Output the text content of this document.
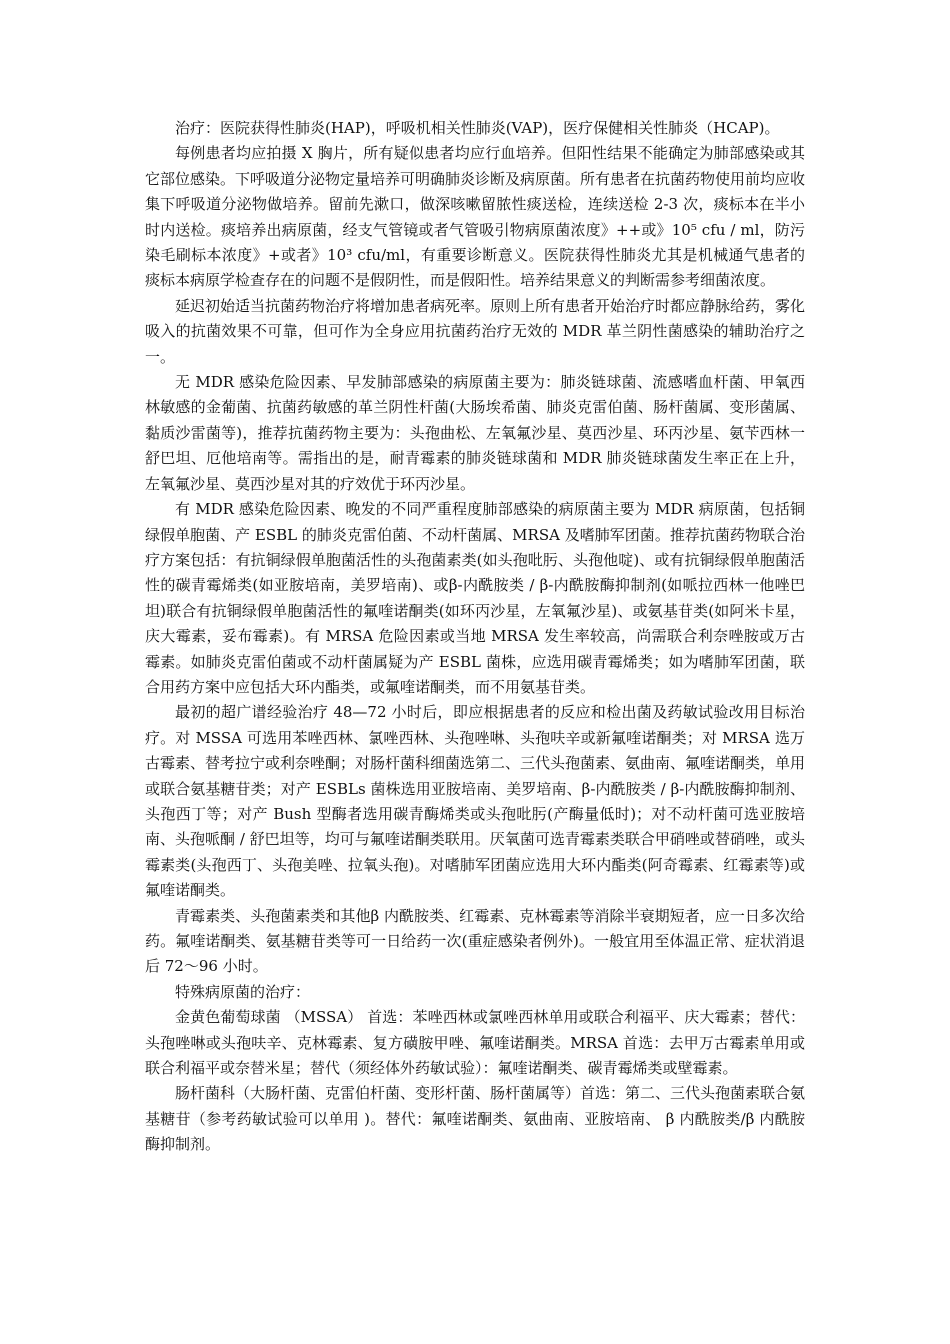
治疗：医院获得性肺炎(HAP)，呼吸机相关性肺炎(VAP)，医疗保健相关性肺炎（HCAP)。

每例患者均应拍摄 X 胸片，所有疑似患者均应行血培养。但阳性结果不能确定为肺部感染或其它部位感染。下呼吸道分泌物定量培养可明确肺炎诊断及病原菌。所有患者在抗菌药物使用前均应收集下呼吸道分泌物做培养。留前先漱口，做深咳嗽留脓性痰送检，连续送检 2-3 次，痰标本在半小时内送检。痰培养出病原菌，经支气管镜或者气管吸引物病原菌浓度》++或》10⁵ cfu / ml，防污染毛刷标本浓度》+或者》10³ cfu/ml，有重要诊断意义。医院获得性肺炎尤其是机械通气患者的痰标本病原学检查存在的问题不是假阴性，而是假阳性。培养结果意义的判断需参考细菌浓度。

延迟初始适当抗菌药物治疗将增加患者病死率。原则上所有患者开始治疗时都应静脉给药，雾化吸入的抗菌效果不可靠，但可作为全身应用抗菌药治疗无效的 MDR 革兰阴性菌感染的辅助治疗之一。

无 MDR 感染危险因素、早发肺部感染的病原菌主要为：肺炎链球菌、流感嗜血杆菌、甲氧西林敏感的金葡菌、抗菌药敏感的革兰阴性杆菌(大肠埃希菌、肺炎克雷伯菌、肠杆菌属、变形菌属、黏质沙雷菌等)，推荐抗菌药物主要为：头孢曲松、左氧氟沙星、莫西沙星、环丙沙星、氨苄西林一舒巴坦、厄他培南等。需指出的是，耐青霉素的肺炎链球菌和 MDR 肺炎链球菌发生率正在上升，左氧氟沙星、莫西沙星对其的疗效优于环丙沙星。

有 MDR 感染危险因素、晚发的不同严重程度肺部感染的病原菌主要为 MDR 病原菌，包括铜绿假单胞菌、产 ESBL 的肺炎克雷伯菌、不动杆菌属、MRSA 及嗜肺军团菌。推荐抗菌药物联合治疗方案包括：有抗铜绿假单胞菌活性的头孢菌素类(如头孢吡肟、头孢他啶)、或有抗铜绿假单胞菌活性的碳青霉烯类(如亚胺培南，美罗培南)、或β-内酰胺类 / β-内酰胺酶抑制剂(如哌拉西林一他唑巴坦)联合有抗铜绿假单胞菌活性的氟喹诺酮类(如环丙沙星，左氧氟沙星)、或氨基苷类(如阿米卡星，庆大霉素，妥布霉素)。有 MRSA 危险因素或当地 MRSA 发生率较高，尚需联合利奈唑胺或万古霉素。如肺炎克雷伯菌或不动杆菌属疑为产 ESBL 菌株，应选用碳青霉烯类；如为嗜肺军团菌，联合用药方案中应包括大环内酯类，或氟喹诺酮类，而不用氨基苷类。

最初的超广谱经验治疗 48—72 小时后，即应根据患者的反应和检出菌及药敏试验改用目标治疗。对 MSSA 可选用苯唑西林、氯唑西林、头孢唑啉、头孢呋辛或新氟喹诺酮类；对 MRSA 选万古霉素、替考拉宁或利奈唑酮；对肠杆菌科细菌选第二、三代头孢菌素、氨曲南、氟喹诺酮类，单用或联合氨基糖苷类；对产 ESBLs 菌株选用亚胺培南、美罗培南、β-内酰胺类 / β-内酰胺酶抑制剂、头孢西丁等；对产 Bush 型酶者选用碳青酶烯类或头孢吡肟(产酶量低时)；对不动杆菌可选亚胺培南、头孢哌酮 / 舒巴坦等，均可与氟喹诺酮类联用。厌氧菌可选青霉素类联合甲硝唑或替硝唑，或头霉素类(头孢西丁、头孢美唑、拉氧头孢)。对嗜肺军团菌应选用大环内酯类(阿奇霉素、红霉素等)或氟喹诺酮类。

青霉素类、头孢菌素类和其他β 内酰胺类、红霉素、克林霉素等消除半衰期短者，应一日多次给药。氟喹诺酮类、氨基糖苷类等可一日给药一次(重症感染者例外)。一般宜用至体温正常、症状消退后 72～96 小时。

特殊病原菌的治疗：

金黄色葡萄球菌 （MSSA） 首选：苯唑西林或氯唑西林单用或联合利福平、庆大霉素；替代：头孢唑啉或头孢呋辛、克林霉素、复方磺胺甲唑、氟喹诺酮类。MRSA 首选：去甲万古霉素单用或联合利福平或奈替米星；替代（须经体外药敏试验）：氟喹诺酮类、碳青霉烯类或壁霉素。

肠杆菌科（大肠杆菌、克雷伯杆菌、变形杆菌、肠杆菌属等）首选：第二、三代头孢菌素联合氨基糖苷（参考药敏试验可以单用 )。替代：氟喹诺酮类、氨曲南、亚胺培南、 β 内酰胺类/β 内酰胺酶抑制剂。
